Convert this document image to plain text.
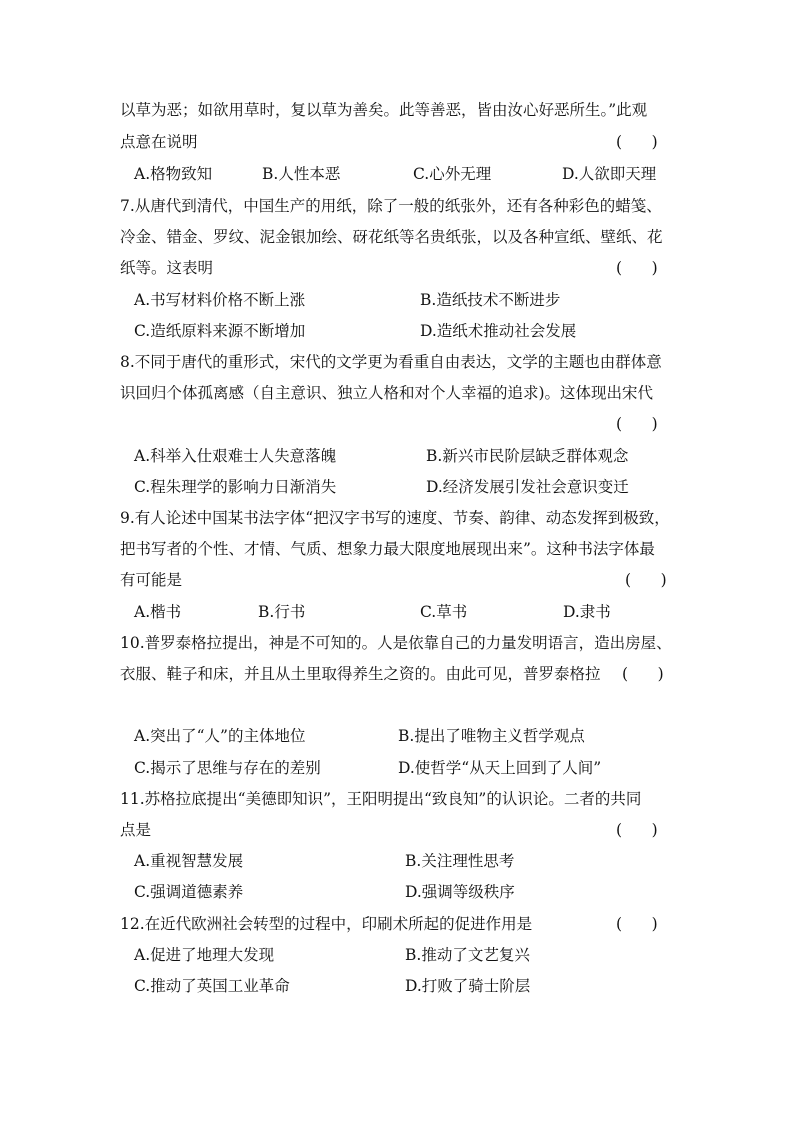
以草为恶；如欲用草时，复以草为善矣。此等善恶，皆由汝心好恶所生。”此观
点意在说明	(      )
A.格物致知	B.人性本恶	C.心外无理	D.人欲即天理
7.从唐代到清代，中国生产的用纸，除了一般的纸张外，还有各种彩色的蜡笺、
冷金、错金、罗纹、泥金银加绘、砑花纸等名贵纸张，以及各种宣纸、壁纸、花
纸等。这表明	(      )
A.书写材料价格不断上涨	B.造纸技术不断进步
C.造纸原料来源不断增加	D.造纸术推动社会发展
8.不同于唐代的重形式，宋代的文学更为看重自由表达，文学的主题也由群体意
识回归个体孤离感（自主意识、独立人格和对个人幸福的追求)。这体现出宋代
(      )
A.科举入仕艰难士人失意落魄	B.新兴市民阶层缺乏群体观念
C.程朱理学的影响力日渐消失	D.经济发展引发社会意识变迁
9.有人论述中国某书法字体“把汉字书写的速度、节奏、韵律、动态发挥到极致，
把书写者的个性、才情、气质、想象力最大限度地展现出来”。这种书法字体最
有可能是	(      )
A.楷书	B.行书	C.草书	D.隶书
10.普罗泰格拉提出，神是不可知的。人是依靠自己的力量发明语言，造出房屋、
衣服、鞋子和床，并且从土里取得养生之资的。由此可见，普罗泰格拉 (      )
A.突出了“人”的主体地位	B.提出了唯物主义哲学观点
C.揭示了思维与存在的差别	D.使哲学“从天上回到了人间”
11.苏格拉底提出“美德即知识”，王阳明提出“致良知”的认识论。二者的共同
点是	(      )
A.重视智慧发展	B.关注理性思考
C.强调道德素养	D.强调等级秩序
12.在近代欧洲社会转型的过程中，印刷术所起的促进作用是	(      )
A.促进了地理大发现	B.推动了文艺复兴
C.推动了英国工业革命	D.打败了骑士阶层
